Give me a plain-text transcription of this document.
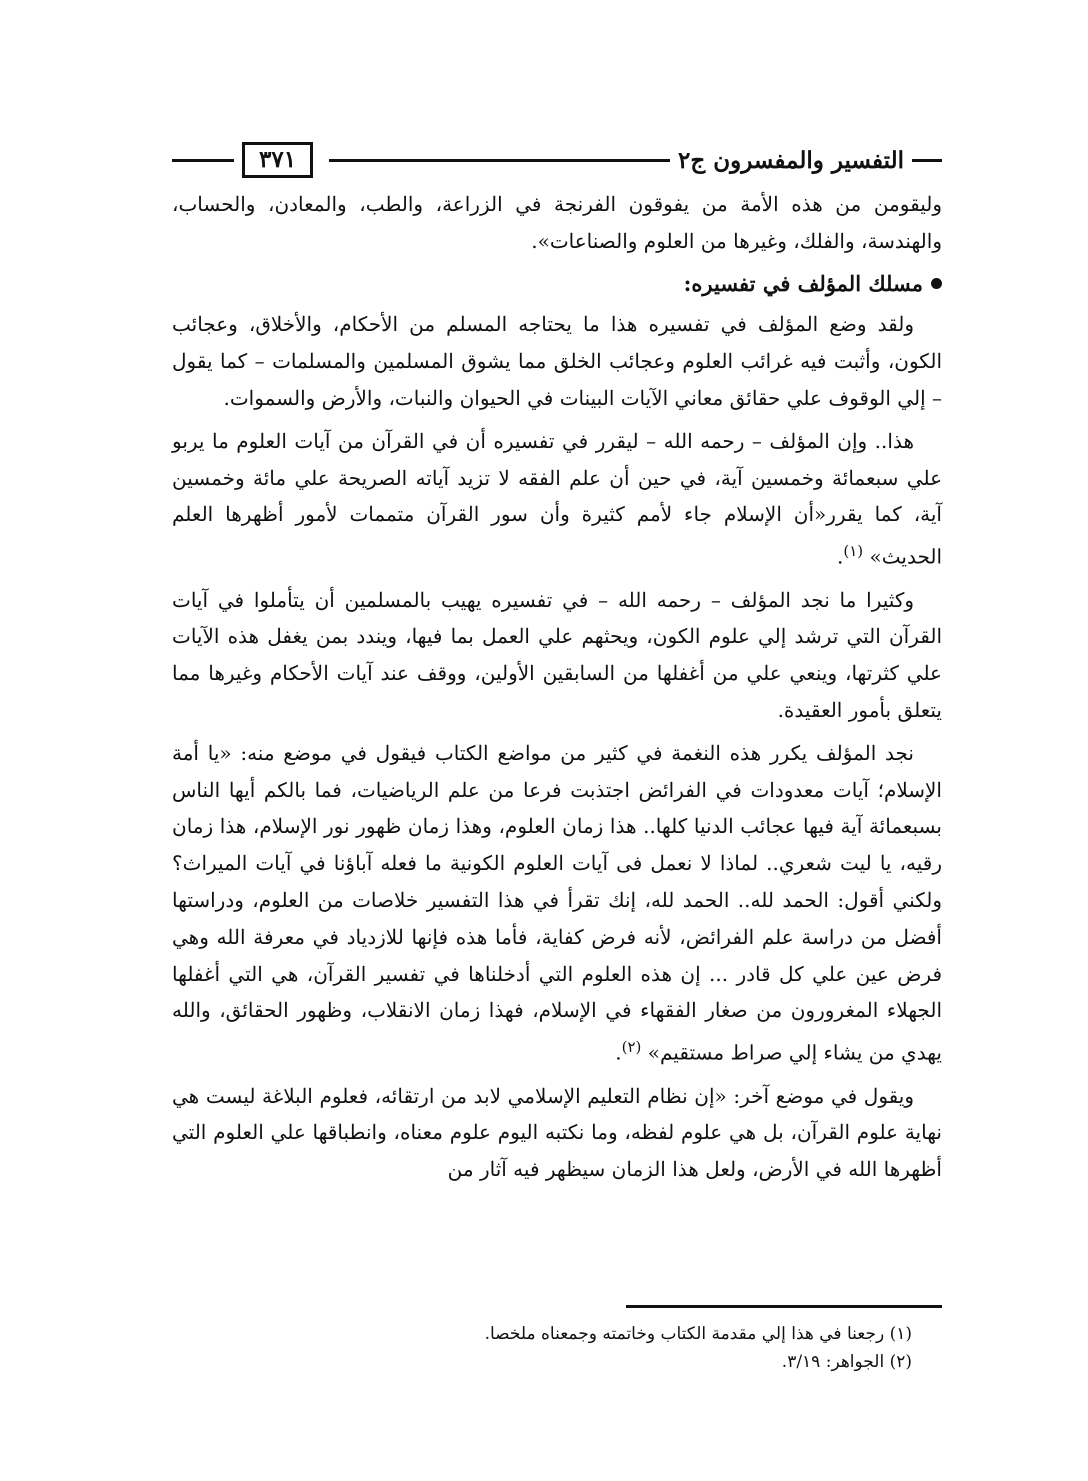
التفسير والمفسرون ج٢
٣٧١

وليقومن من هذه الأمة من يفوقون الفرنجة في الزراعة، والطب، والمعادن، والحساب، والهندسة، والفلك، وغيرها من العلوم والصناعات».

مسلك المؤلف في تفسيره:

ولقد وضع المؤلف في تفسيره هذا ما يحتاجه المسلم من الأحكام، والأخلاق، وعجائب الكون، وأثبت فيه غرائب العلوم وعجائب الخلق مما يشوق المسلمين والمسلمات – كما يقول – إلي الوقوف علي حقائق معاني الآيات البينات في الحيوان والنبات، والأرض والسموات.

هذا.. وإن المؤلف – رحمه الله – ليقرر في تفسيره أن في القرآن من آيات العلوم ما يربو علي سبعمائة وخمسين آية، في حين أن علم الفقه لا تزيد آياته الصريحة علي مائة وخمسين آية، كما يقرر«أن الإسلام جاء لأمم كثيرة وأن سور القرآن متممات لأمور أظهرها العلم الحديث» $^{(١)}$.

وكثيرا ما نجد المؤلف – رحمه الله – في تفسيره يهيب بالمسلمين أن يتأملوا في آيات القرآن التي ترشد إلي علوم الكون، ويحثهم علي العمل بما فيها، ويندد بمن يغفل هذه الآيات علي كثرتها، وينعي علي من أغفلها من السابقين الأولين، ووقف عند آيات الأحكام وغيرها مما يتعلق بأمور العقيدة.

نجد المؤلف يكرر هذه النغمة في كثير من مواضع الكتاب فيقول في موضع منه: «يا أمة الإسلام؛ آيات معدودات في الفرائض اجتذبت فرعا من علم الرياضيات، فما بالكم أيها الناس بسبعمائة آية فيها عجائب الدنيا كلها.. هذا زمان العلوم، وهذا زمان ظهور نور الإسلام، هذا زمان رقيه، يا ليت شعري.. لماذا لا نعمل فى آيات العلوم الكونية ما فعله آباؤنا في آيات الميراث؟ولكني أقول: الحمد لله.. الحمد لله، إنك تقرأ في هذا التفسير خلاصات من العلوم، ودراستها أفضل من دراسة علم الفرائض، لأنه فرض كفاية، فأما هذه فإنها للازدياد في معرفة الله وهي فرض عين علي كل قادر ... إن هذه العلوم التي أدخلناها في تفسير القرآن، هي التي أغفلها الجهلاء المغرورون من صغار الفقهاء في الإسلام، فهذا زمان الانقلاب، وظهور الحقائق، والله يهدي من يشاء إلي صراط مستقيم» $^{(٢)}$.

ويقول في موضع آخر: «إن نظام التعليم الإسلامي لابد من ارتقائه، فعلوم البلاغة ليست هي نهاية علوم القرآن، بل هي علوم لفظه، وما نكتبه اليوم علوم معناه، وانطباقها علي العلوم التي أظهرها الله في الأرض، ولعل هذا الزمان سيظهر فيه آثار من

(١) رجعنا في هذا إلي مقدمة الكتاب وخاتمته وجمعناه ملخصا.
(٢) الجواهر: ٣/١٩.
